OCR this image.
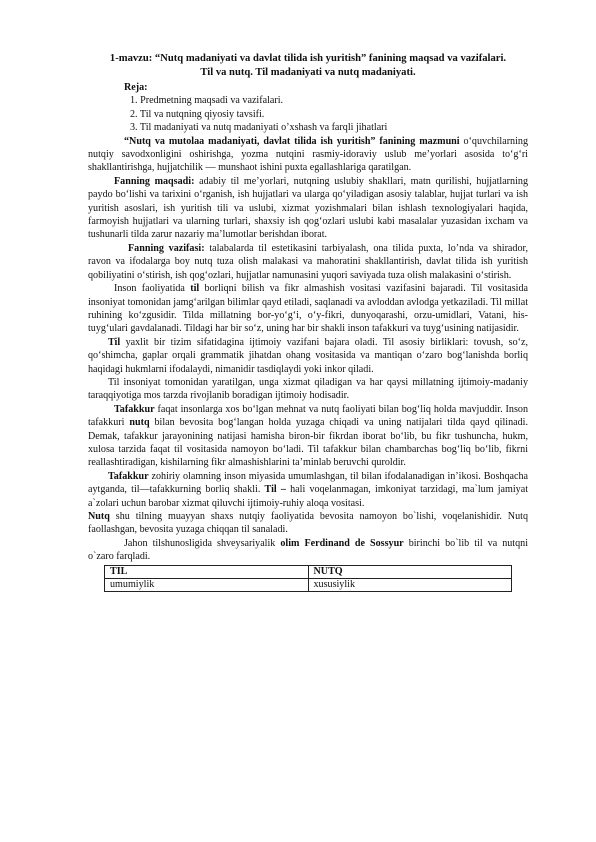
1-mavzu: “Nutq madaniyati va davlat tilida ish yuritish” fanining maqsad va vazifalari.
Til va nutq. Til madaniyati va nutq madaniyati.
Reja:
1. Predmetning maqsadi va vazifalari.
2. Til va nutqning qiyosiy tavsifi.
3. Til madaniyati va nutq madaniyati o’xshash va farqli jihatlari

“Nutq va mutolaa madaniyati, davlat tilida ish yuritish” fanining mazmuni o‘quvchilarning nutqiy savodxonligini oshirishga, yozma nutqini rasmiy-idoraviy uslub me’yorlari asosida to‘g‘ri shakllantirishga, hujjatchilik — munshaot ishini puxta egallashlariga qaratilgan.

Fanning maqsadi: adabiy til me’yorlari, nutqning uslubiy shakllari, matn qurilishi, hujjatlarning paydo bo‘lishi va tarixini o‘rganish, ish hujjatlari va ularga qo‘yiladigan asosiy talablar, hujjat turlari va ish yuritish asoslari, ish yuritish tili va uslubi, xizmat yozishmalari bilan ishlash texnologiyalari haqida, farmoyish hujjatlari va ularning turlari, shaxsiy ish qog‘ozlari uslubi kabi masalalar yuzasidan ixcham va tushunarli tilda zarur nazariy ma’lumotlar berishdan iborat.

Fanning vazifasi: talabalarda til estetikasini tarbiyalash, ona tilida puxta, lo’nda va shirador, ravon va ifodalarga boy nutq tuza olish malakasi va mahoratini shakllantirish, davlat tilida ish yuritish qobiliyatini o‘stirish, ish qog‘ozlari, hujjatlar namunasini yuqori saviyada tuza olish malakasini o‘stirish.

Inson faoliyatida til borliqni bilish va fikr almashish vositasi vazifasini bajaradi. Til vositasida insoniyat tomonidan jamg‘arilgan bilimlar qayd etiladi, saqlanadi va avloddan avlodga yetkaziladi. Til millat ruhining ko‘zgusidir. Tilda millatning bor-yo‘g‘i, o‘y-fikri, dunyoqarashi, orzu-umidlari, Vatani, his-tuyg‘ulari gavdalanadi. Tildagi har bir so‘z, uning har bir shakli inson tafakkuri va tuyg‘usining natijasidir.

Til yaxlit bir tizim sifatidagina ijtimoiy vazifani bajara oladi. Til asosiy birliklari: tovush, so‘z, qo‘shimcha, gaplar orqali grammatik jihatdan ohang vositasida va mantiqan o‘zaro bog‘lanishda borliq haqidagi hukmlarni ifodalaydi, nimanidir tasdiqlaydi yoki inkor qiladi.

Til insoniyat tomonidan yaratilgan, unga xizmat qiladigan va har qaysi millatning ijtimoiy-madaniy taraqqiyotiga mos tarzda rivojlanib boradigan ijtimoiy hodisadir.

Tafakkur faqat insonlarga xos bo‘lgan mehnat va nutq faoliyati bilan bog‘liq holda mavjuddir. Inson tafakkuri nutq bilan bevosita bog‘langan holda yuzaga chiqadi va uning natijalari tilda qayd qilinadi. Demak, tafakkur jarayonining natijasi hamisha biron-bir fikrdan iborat bo‘lib, bu fikr tushuncha, hukm, xulosa tarzida faqat til vositasida namoyon bo‘ladi. Til tafakkur bilan chambarchas bog‘liq bo‘lib, fikrni reallashtiradigan, kishilarning fikr almashishlarini ta’minlab beruvchi quroldir.

Tafakkur zohiriy olamning inson miyasida umumlashgan, til bilan ifodalanadigan in’ikosi. Boshqacha aytganda, til—tafakkurning borliq shakli. Til – hali voqelanmagan, imkoniyat tarzidagi, ma`lum jamiyat a`zolari uchun barobar xizmat qiluvchi ijtimoiy-ruhiy aloqa vositasi.

Nutq shu tilning muayyan shaxs nutqiy faoliyatida bevosita namoyon bo`lishi, voqelanishidir. Nutq faollashgan, bevosita yuzaga chiqqan til sanaladi.

Jahon tilshunosligida shveysariyalik olim Ferdinand de Sossyur birinchi bo`lib til va nutqni o`zaro farqladi.

TIL	NUTQ
umumiylik	xususiylik
